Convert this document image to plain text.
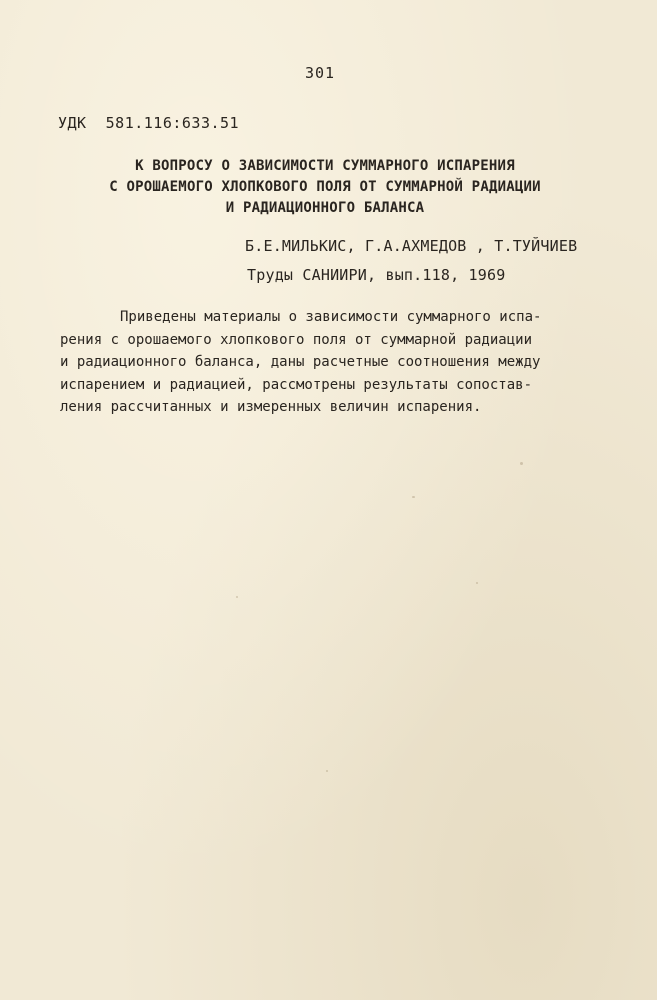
301
УДК  581.116:633.51
К ВОПРОСУ О ЗАВИСИМОСТИ СУММАРНОГО ИСПАРЕНИЯ
С ОРОШАЕМОГО ХЛОПКОВОГО ПОЛЯ ОТ СУММАРНОЙ РАДИАЦИИ
И РАДИАЦИОННОГО БАЛАНСА
Б.Е.МИЛЬКИС, Г.А.АХМЕДОВ , Т.ТУЙЧИЕВ
Труды САНИИРИ, вып.118, 1969
Приведены материалы о зависимости суммарного испа-
рения с орошаемого хлопкового поля от суммарной радиации
и радиационного баланса, даны расчетные соотношения между
испарением и радиацией, рассмотрены результаты сопостав-
ления рассчитанных и измеренных величин испарения.
